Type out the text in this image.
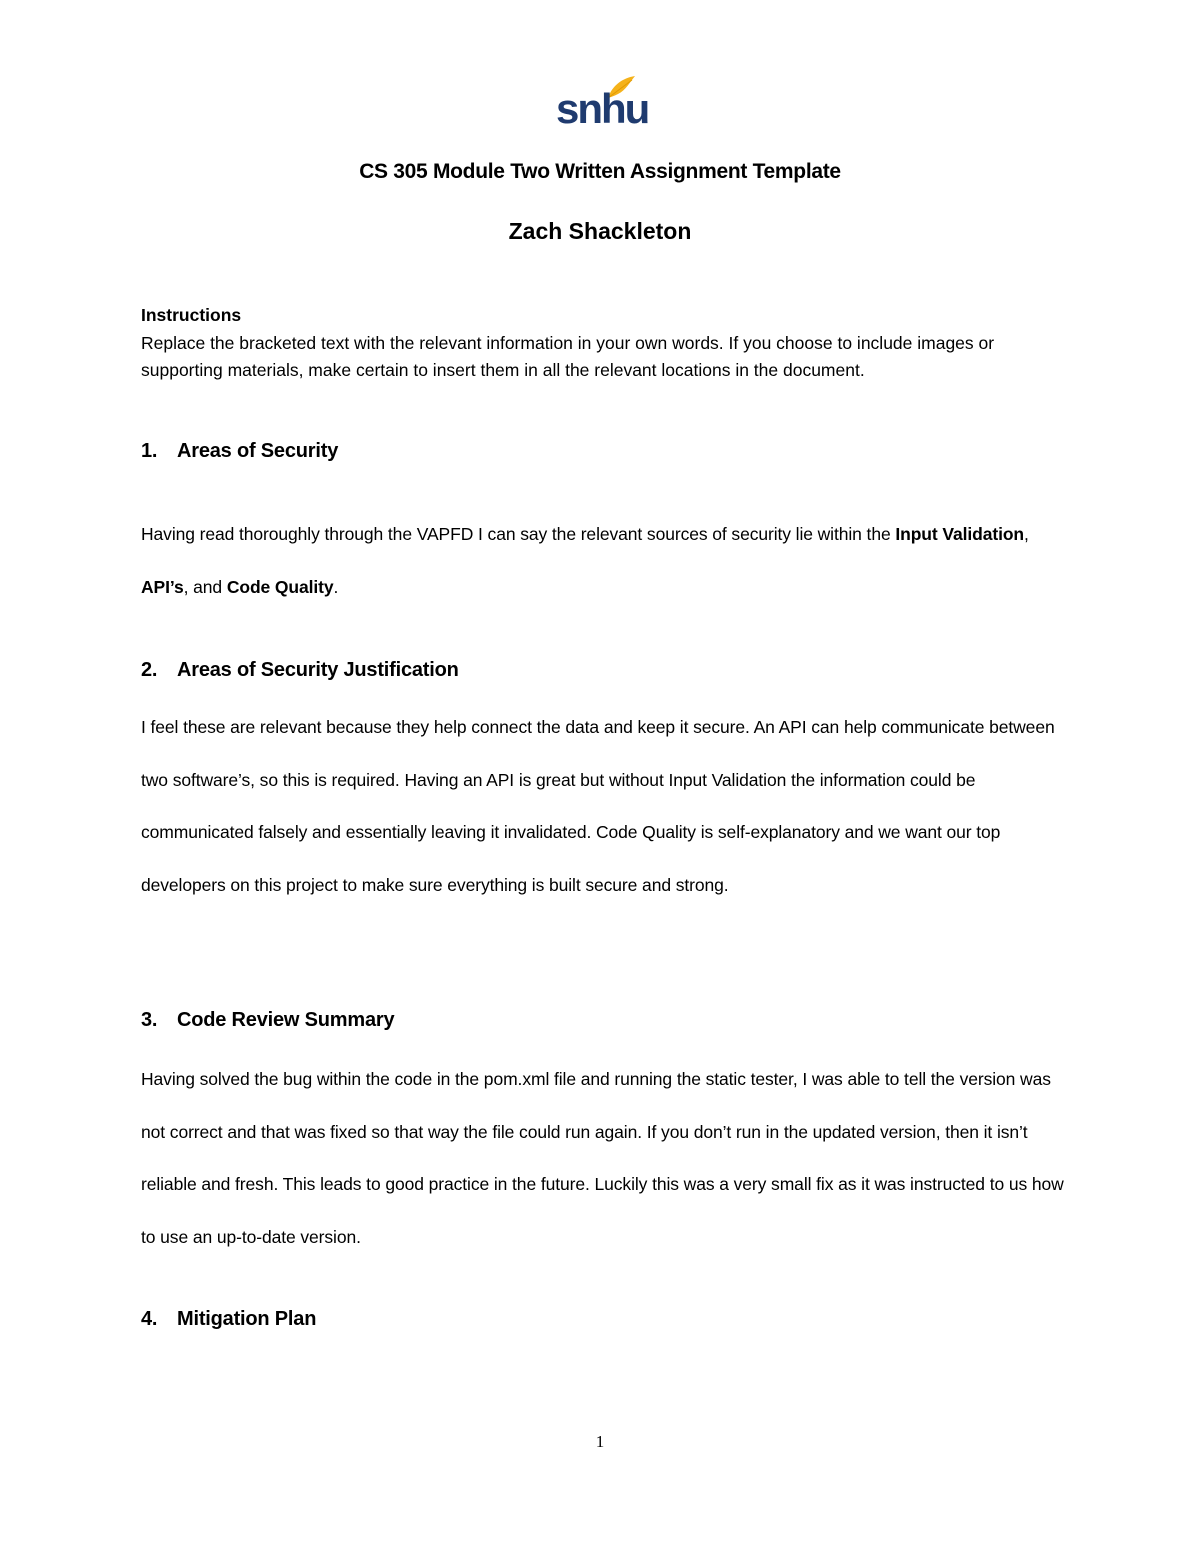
snhu
CS 305 Module Two Written Assignment Template
Zach Shackleton
Instructions
Replace the bracketed text with the relevant information in your own words. If you choose to include images or supporting materials, make certain to insert them in all the relevant locations in the document.
1. Areas of Security
Having read thoroughly through the VAPFD I can say the relevant sources of security lie within the Input Validation, API’s, and Code Quality.
2. Areas of Security Justification
I feel these are relevant because they help connect the data and keep it secure. An API can help communicate between two software’s, so this is required. Having an API is great but without Input Validation the information could be communicated falsely and essentially leaving it invalidated. Code Quality is self-explanatory and we want our top developers on this project to make sure everything is built secure and strong.
3. Code Review Summary
Having solved the bug within the code in the pom.xml file and running the static tester, I was able to tell the version was not correct and that was fixed so that way the file could run again. If you don’t run in the updated version, then it isn’t reliable and fresh. This leads to good practice in the future. Luckily this was a very small fix as it was instructed to us how to use an up-to-date version.
4. Mitigation Plan
1
